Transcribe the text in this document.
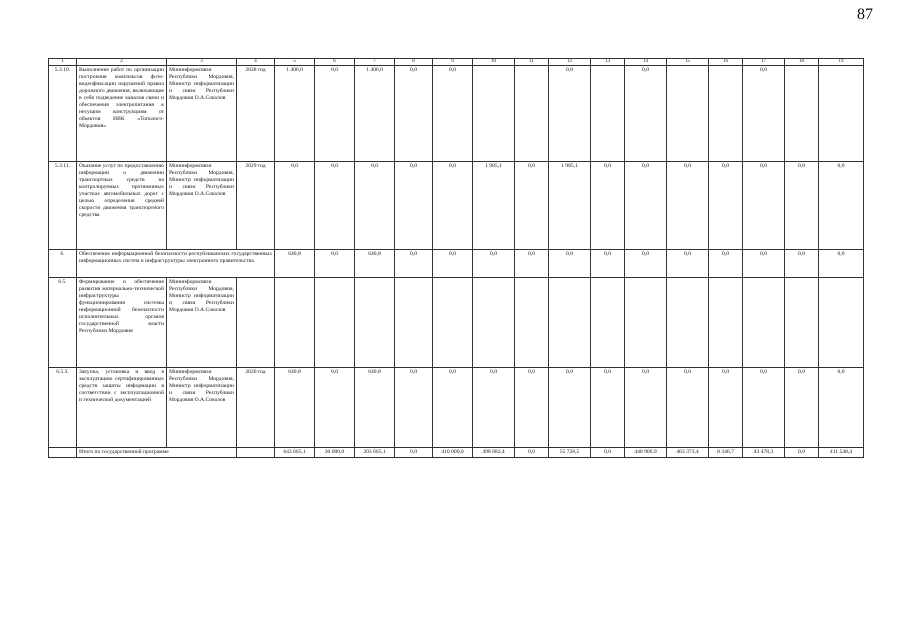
87
1	2	3	4	5	6	7	8	9	10	11	12	13	14	15	16	17	18	19
5.3.10.	Выполнение работ по организации построения комплексов фото-видеофиксации нарушений правил дорожного движения, включающие в себя подведение каналов связи и обеспечения электропитания к несущим конструкциям от объектов ИВК «Тополого-Мордовия»	Мининформсвязи Республики Мордовия, Министр информатизации и связи Республики Мордовия О.А.Соколов	2028 год	1 406,0	0,0	1 406,0	0,0	0,0			0,0		0,0			0,0		
5.3.11.	Оказание услуг по предоставлению информации о движении транспортных средств на контролируемых протяженных участках автомобильных дорог с целью определения средней скорости движения транспортного средства	Мининформсвязи Республики Мордовия, Министр информатизации и связи Республики Мордовия О.А.Соколов	2029 год	0,0	0,0	0,0	0,0	0,0	1 985,1	0,0	1 985,1	0,0	0,0	0,0	0,0	0,0	0,0	0,0
6.	Обеспечение информационной безопасности республиканских государственных информационных систем и инфраструктуры электронного правительства			640,8	0,0	640,8	0,0	0,0	0,0	0,0	0,0	0,0	0,0	0,0	0,0	0,0	0,0	0,0
6.5.	Формирование и обеспечение развития материально-технической инфраструктуры функционирования системы информационной безопасности исполнительных органов государственной власти Республики Мордовия	Мининформсвязи Республики Мордовия, Министр информатизации и связи Республики Мордовия О.А.Соколов																
6.5.3.	Закупка, установка и ввод в эксплуатацию сертифицированных средств защиты информации в соответствии с эксплуатационной и технической документацией	Мининформсвязи Республики Мордовия, Министр информатизации и связи Республики Мордовия О.А.Соколов	2020 год	640,8	0,0	640,8	0,0	0,0	0,0	0,0	0,0	0,0	0,0	0,0	0,0	0,0	0,0	0,0
	Итого по государственной программе			643 665,1	30 000,0	203 665,1	0,0	410 000,0	498 682,4	0,0	55 728,5	0,0	440 906,9	463 373,4	8 346,7	43 478,3	0,0	411 548,4
